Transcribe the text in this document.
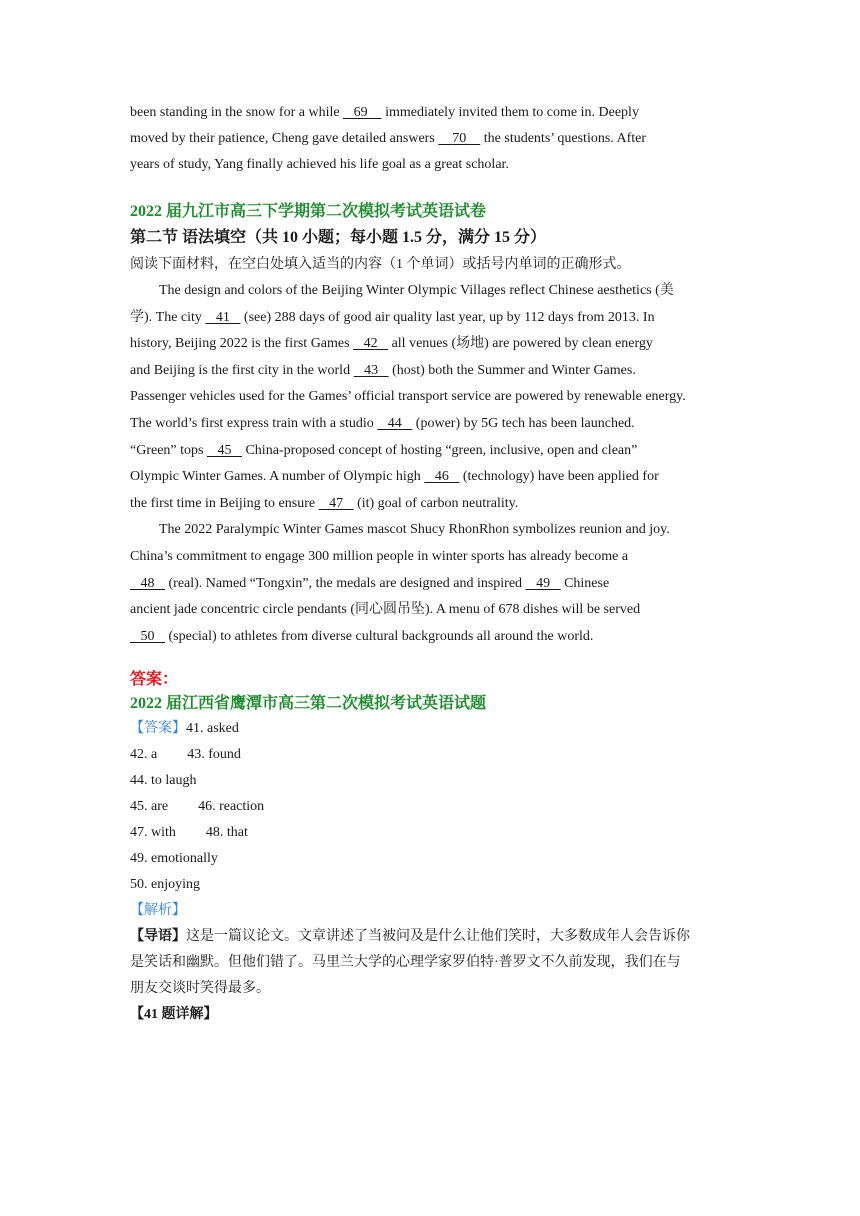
been standing in the snow for a while    69     immediately invited them to come in. Deeply
moved by their patience, Cheng gave detailed answers     70     the students’ questions. After
years of study, Yang finally achieved his life goal as a great scholar.
2022 届九江市高三下学期第二次模拟考试英语试卷
第二节 语法填空（共 10 小题；每小题 1.5 分，满分 15 分）
阅读下面材料，在空白处填入适当的内容（1 个单词）或括号内单词的正确形式。
The design and colors of the Beijing Winter Olympic Villages reflect Chinese aesthetics (美
学). The city    41    (see) 288 days of good air quality last year, up by 112 days from 2013. In
history, Beijing 2022 is the first Games    42    all venues (场地) are powered by clean energy
and Beijing is the first city in the world    43    (host) both the Summer and Winter Games.
Passenger vehicles used for the Games’ official transport service are powered by renewable energy.
The world’s first express train with a studio    44    (power) by 5G tech has been launched.
“Green” tops    45    China-proposed concept of hosting “green, inclusive, open and clean”
Olympic Winter Games. A number of Olympic high    46    (technology) have been applied for
the first time in Beijing to ensure    47    (it) goal of carbon neutrality.
The 2022 Paralympic Winter Games mascot Shucy RhonRhon symbolizes reunion and joy.
China’s commitment to engage 300 million people in winter sports has already become a
48    (real). Named “Tongxin”, the medals are designed and inspired    49    Chinese
ancient jade concentric circle pendants (同心圆吊坠). A menu of 678 dishes will be served
50    (special) to athletes from diverse cultural backgrounds all around the world.
答案：
2022 届江西省鹰潭市高三第二次模拟考试英语试题
【答案】41. asked
42. a 43. found
44. to laugh
45. are 46. reaction
47. with 48. that
49. emotionally
50. enjoying
【解析】
【导语】这是一篇议论文。文章讲述了当被问及是什么让他们笑时，大多数成年人会告诉你
是笑话和幽默。但他们错了。马里兰大学的心理学家罗伯特·普罗文不久前发现，我们在与
朋友交谈时笑得最多。
【41 题详解】
